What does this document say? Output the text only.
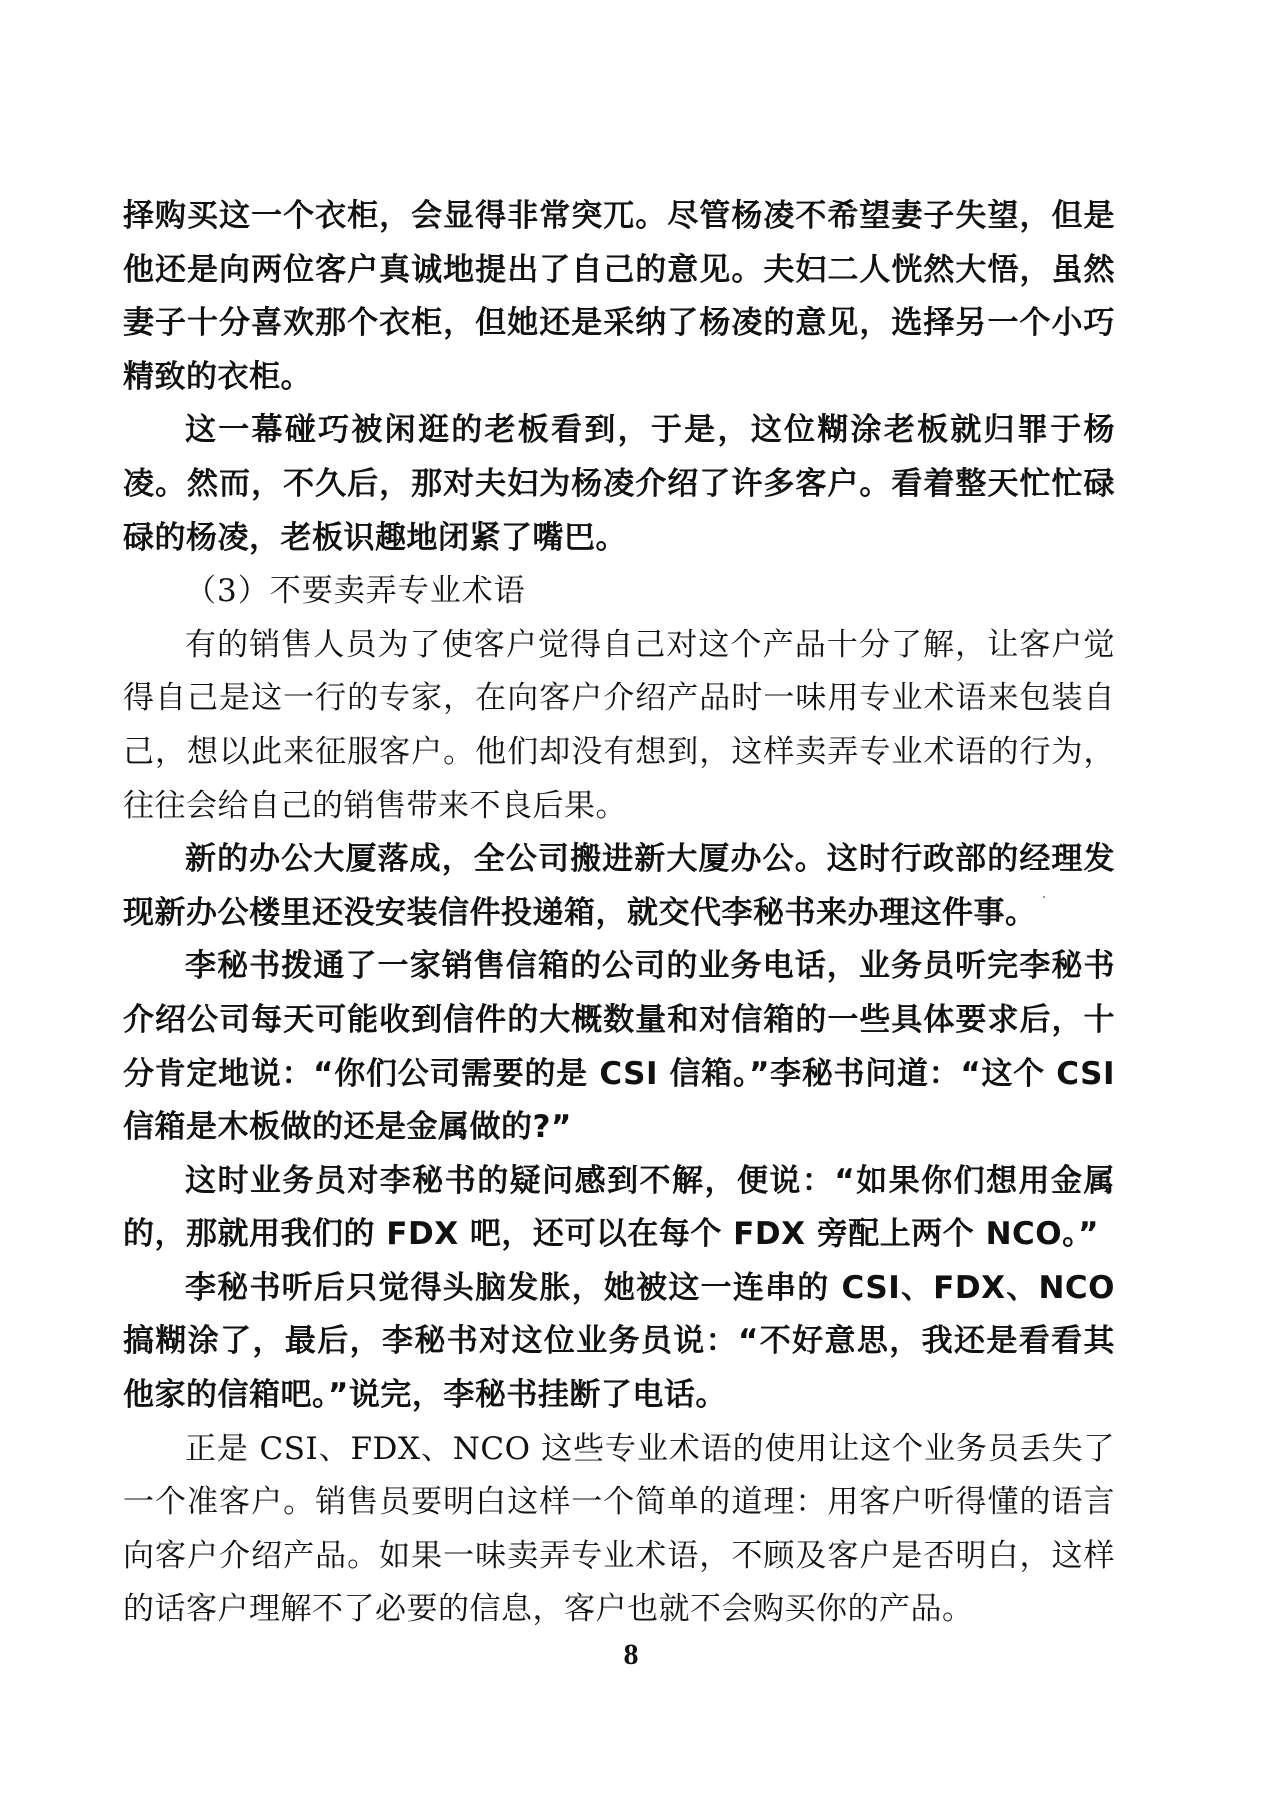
择购买这一个衣柜，会显得非常突兀。尽管杨凌不希望妻子失望，但是他还是向两位客户真诚地提出了自己的意见。夫妇二人恍然大悟，虽然妻子十分喜欢那个衣柜，但她还是采纳了杨凌的意见，选择另一个小巧精致的衣柜。

这一幕碰巧被闲逛的老板看到，于是，这位糊涂老板就归罪于杨凌。然而，不久后，那对夫妇为杨凌介绍了许多客户。看着整天忙忙碌碌的杨凌，老板识趣地闭紧了嘴巴。

（3）不要卖弄专业术语

有的销售人员为了使客户觉得自己对这个产品十分了解，让客户觉得自己是这一行的专家，在向客户介绍产品时一味用专业术语来包装自己，想以此来征服客户。他们却没有想到，这样卖弄专业术语的行为，往往会给自己的销售带来不良后果。

新的办公大厦落成，全公司搬进新大厦办公。这时行政部的经理发现新办公楼里还没安装信件投递箱，就交代李秘书来办理这件事。

李秘书拨通了一家销售信箱的公司的业务电话，业务员听完李秘书介绍公司每天可能收到信件的大概数量和对信箱的一些具体要求后，十分肯定地说：“你们公司需要的是 CSI 信箱。”李秘书问道：“这个 CSI 信箱是木板做的还是金属做的?”

这时业务员对李秘书的疑问感到不解，便说：“如果你们想用金属的，那就用我们的 FDX 吧，还可以在每个 FDX 旁配上两个 NCO。”

李秘书听后只觉得头脑发胀，她被这一连串的 CSI、FDX、NCO 搞糊涂了，最后，李秘书对这位业务员说：“不好意思，我还是看看其他家的信箱吧。”说完，李秘书挂断了电话。

正是 CSI、FDX、NCO 这些专业术语的使用让这个业务员丢失了一个准客户。销售员要明白这样一个简单的道理：用客户听得懂的语言向客户介绍产品。如果一味卖弄专业术语，不顾及客户是否明白，这样的话客户理解不了必要的信息，客户也就不会购买你的产品。

8
